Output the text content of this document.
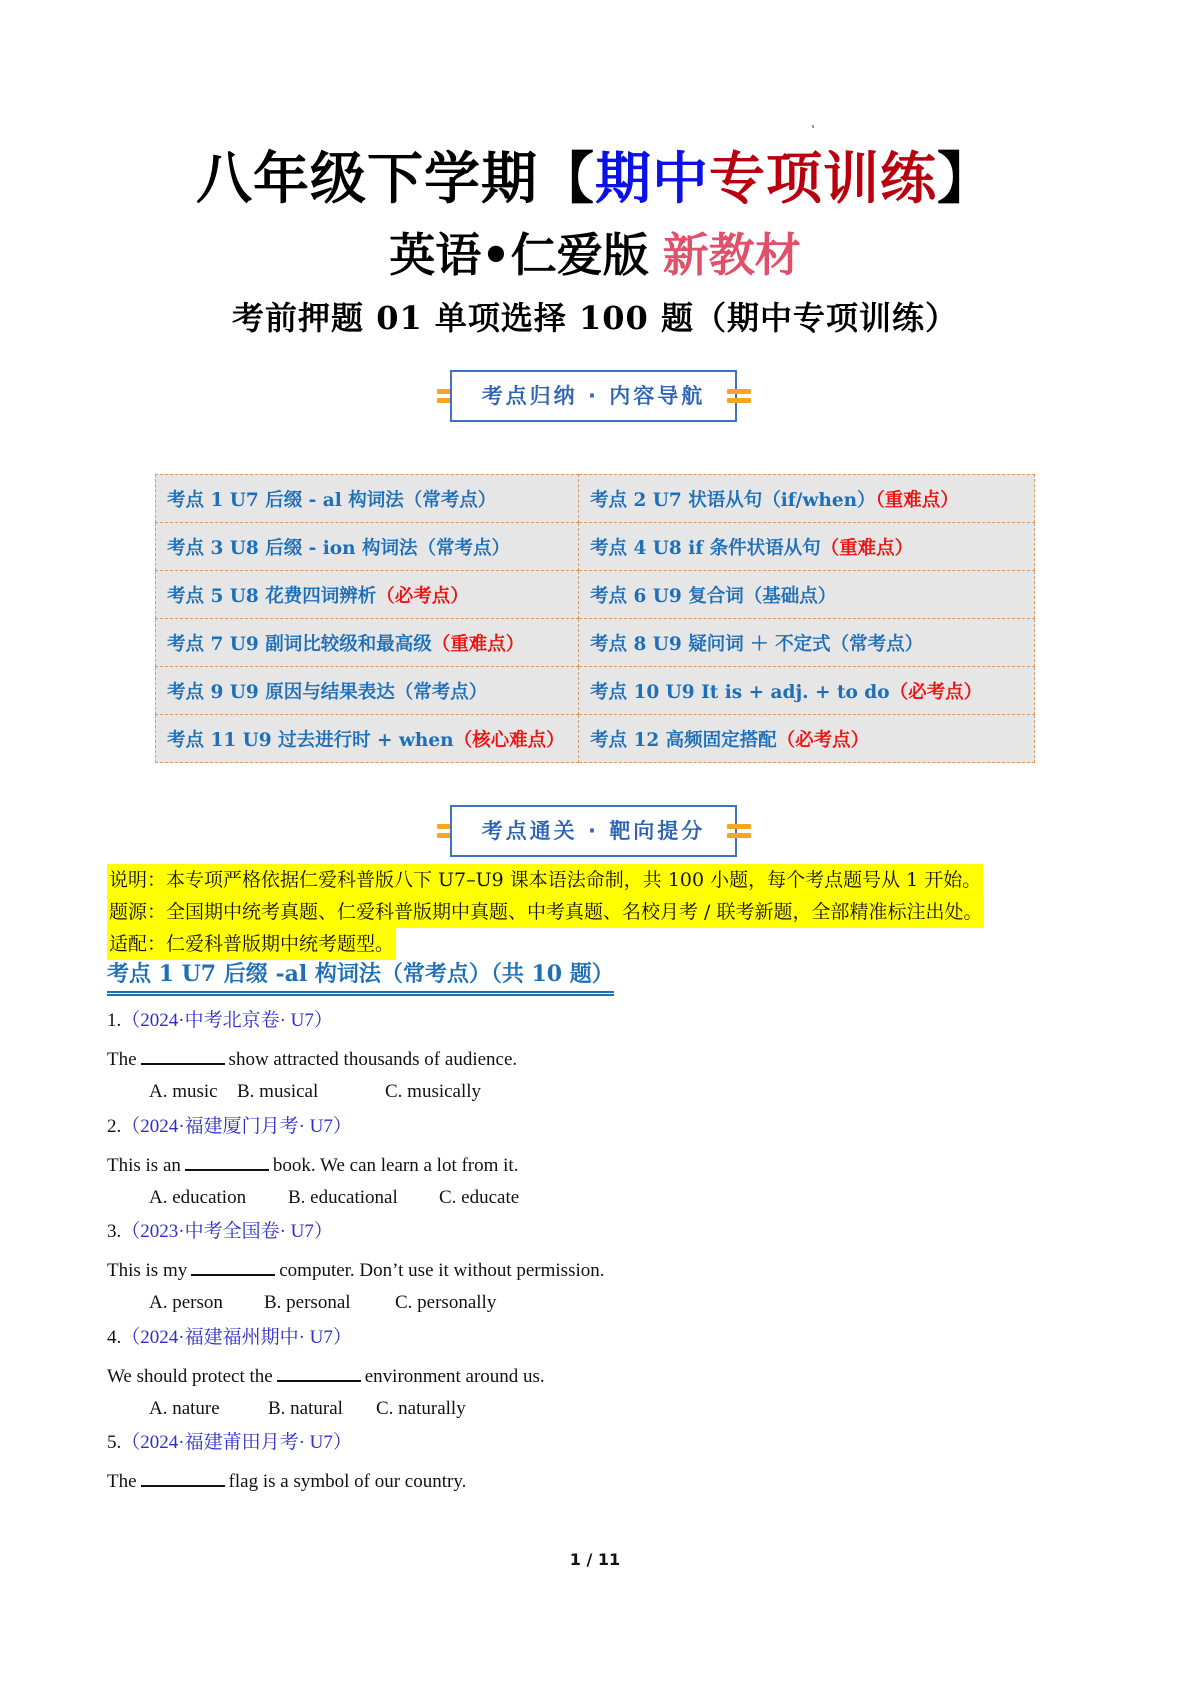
八年级下学期【期中专项训练】
英语•仁爱版 新教材
考前押题 01 单项选择 100 题（期中专项训练）
考点归纳 · 内容导航
考点 1 U7 后缀 - al 构词法（常考点）	考点 2 U7 状语从句（if/when）（重难点）
考点 3 U8 后缀 - ion 构词法（常考点）	考点 4 U8 if 条件状语从句（重难点）
考点 5 U8 花费四词辨析（必考点）	考点 6 U9 复合词（基础点）
考点 7 U9 副词比较级和最高级（重难点）	考点 8 U9 疑问词 ＋ 不定式（常考点）
考点 9 U9 原因与结果表达（常考点）	考点 10 U9 It is + adj. + to do（必考点）
考点 11 U9 过去进行时 + when（核心难点）	考点 12 高频固定搭配（必考点）
考点通关 · 靶向提分
说明：本专项严格依据仁爱科普版八下 U7–U9 课本语法命制，共 100 小题，每个考点题号从 1 开始。
题源：全国期中统考真题、仁爱科普版期中真题、中考真题、名校月考 / 联考新题，全部精准标注出处。
适配：仁爱科普版期中统考题型。
考点 1 U7 后缀 -al 构词法（常考点）（共 10 题）
1.（2024·中考北京卷· U7）
The	show attracted thousands of audience.
A. music B. musical	C. musically
2.（2024·福建厦门月考· U7）
This is an	book. We can learn a lot from it.
A. education B. educational C. educate
3.（2023·中考全国卷· U7）
This is my	computer. Don’t use it without permission.
A. person B. personal C. personally
4.（2024·福建福州期中· U7）
We should protect the	environment around us.
A. nature	B. natural C. naturally
5.（2024·福建莆田月考· U7）
The	flag is a symbol of our country.
1 / 11
